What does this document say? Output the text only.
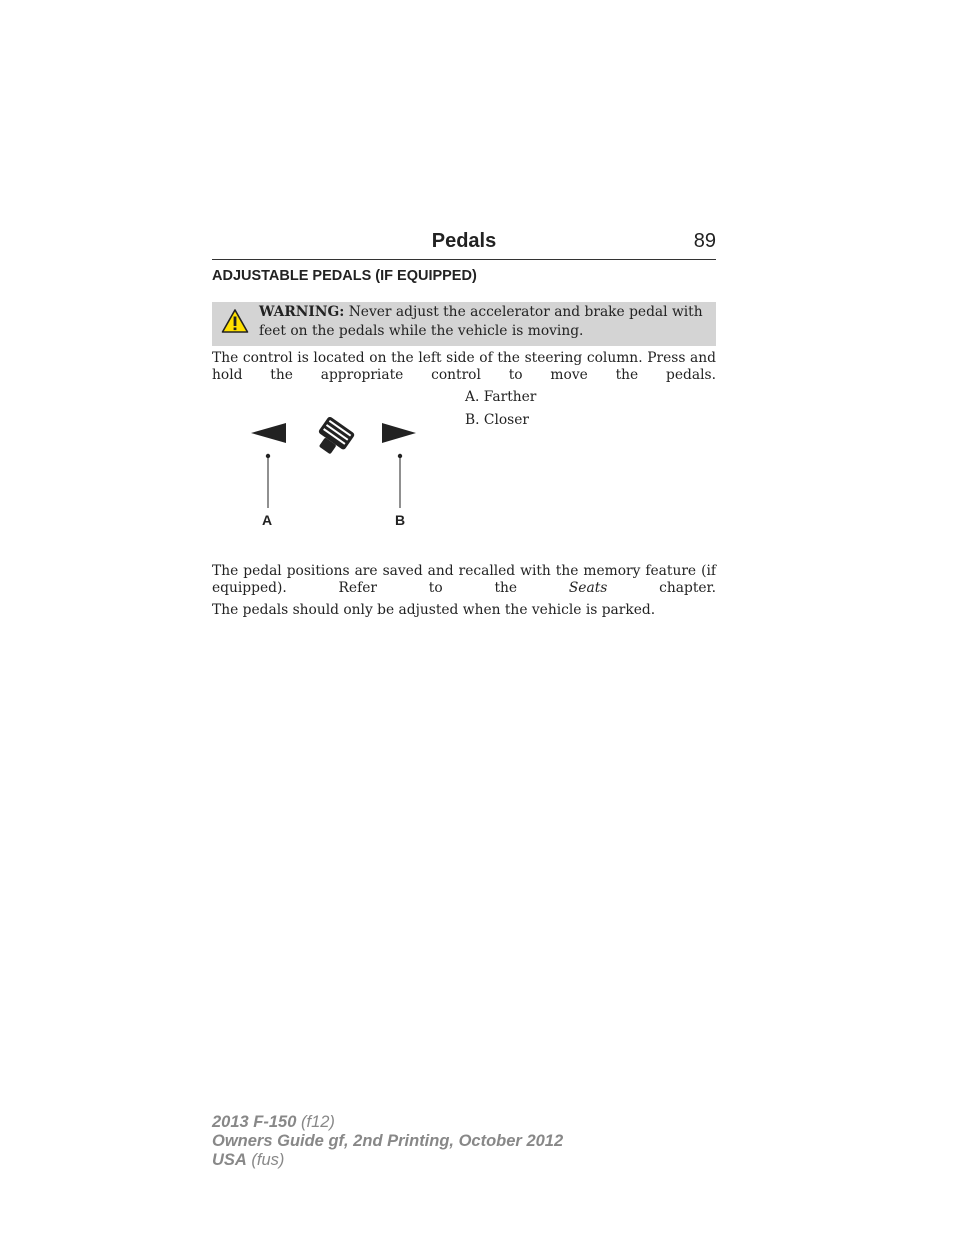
Pedals	89
ADJUSTABLE PEDALS (IF EQUIPPED)
WARNING: Never adjust the accelerator and brake pedal with feet on the pedals while the vehicle is moving.
The control is located on the left side of the steering column. Press and hold the appropriate control to move the pedals.
A. Farther
B. Closer
A	B
The pedal positions are saved and recalled with the memory feature (if equipped). Refer to the Seats chapter.
The pedals should only be adjusted when the vehicle is parked.
2013 F-150 (f12)
Owners Guide gf, 2nd Printing, October 2012
USA (fus)
